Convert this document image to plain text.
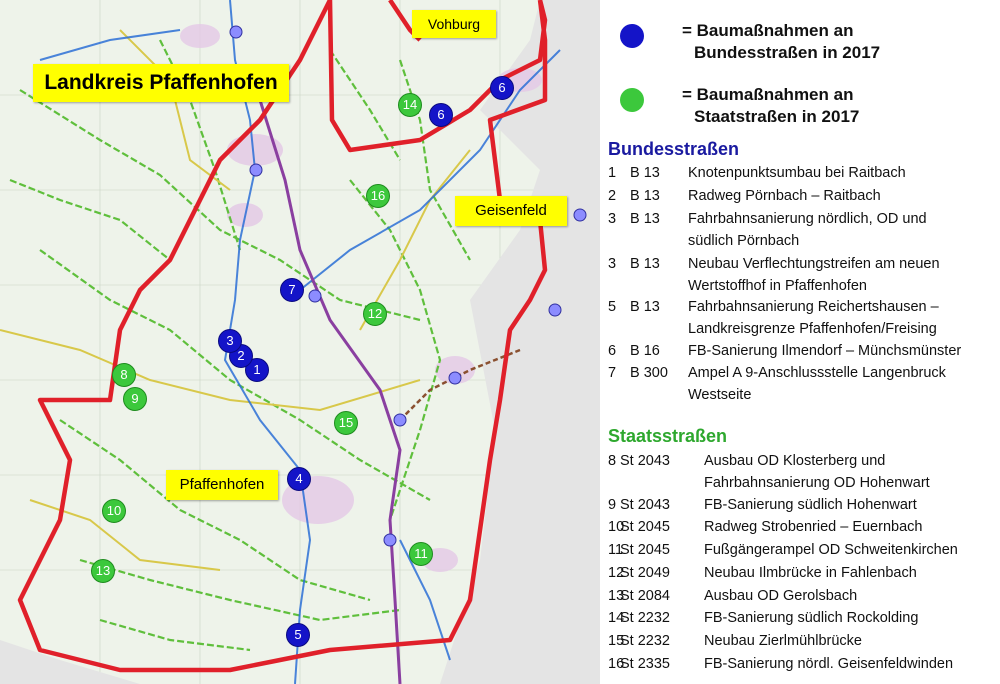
Landkreis Pfaffenhofen
Vohburg
Geisenfeld
Pfaffenhofen
1
2
3
4
5
6
6
7
8
9
10
11
12
13
14
15
16
= Baumaßnahmen an
Bundesstraßen in 2017
= Baumaßnahmen an
Staatstraßen in 2017
Bundesstraßen
1 B 13 Knotenpunktsumbau bei Raitbach
2 B 13 Radweg Pörnbach – Raitbach
3 B 13 Fahrbahnsanierung nördlich, OD und
südlich Pörnbach
3 B 13 Neubau Verflechtungstreifen am neuen
Wertstoffhof in Pfaffenhofen
5 B 13 Fahrbahnsanierung Reichertshausen –
Landkreisgrenze Pfaffenhofen/Freising
6 B 16 FB-Sanierung Ilmendorf – Münchsmünster
7 B 300 Ampel A 9-Anschlussstelle Langenbruck
Westseite
Staatsstraßen
8 St 2043 Ausbau OD Klosterberg und
Fahrbahnsanierung OD Hohenwart
9 St 2043 FB-Sanierung südlich Hohenwart
10
St 2045 Radweg Strobenried – Euernbach
11
St 2045 Fußgängerampel OD Schweitenkirchen
12
St 2049 Neubau Ilmbrücke in Fahlenbach
13
St 2084 Ausbau OD Gerolsbach
14
St 2232 FB-Sanierung südlich Rockolding
15
St 2232 Neubau Zierlmühlbrücke
16
St 2335 FB-Sanierung nördl. Geisenfeldwinden
